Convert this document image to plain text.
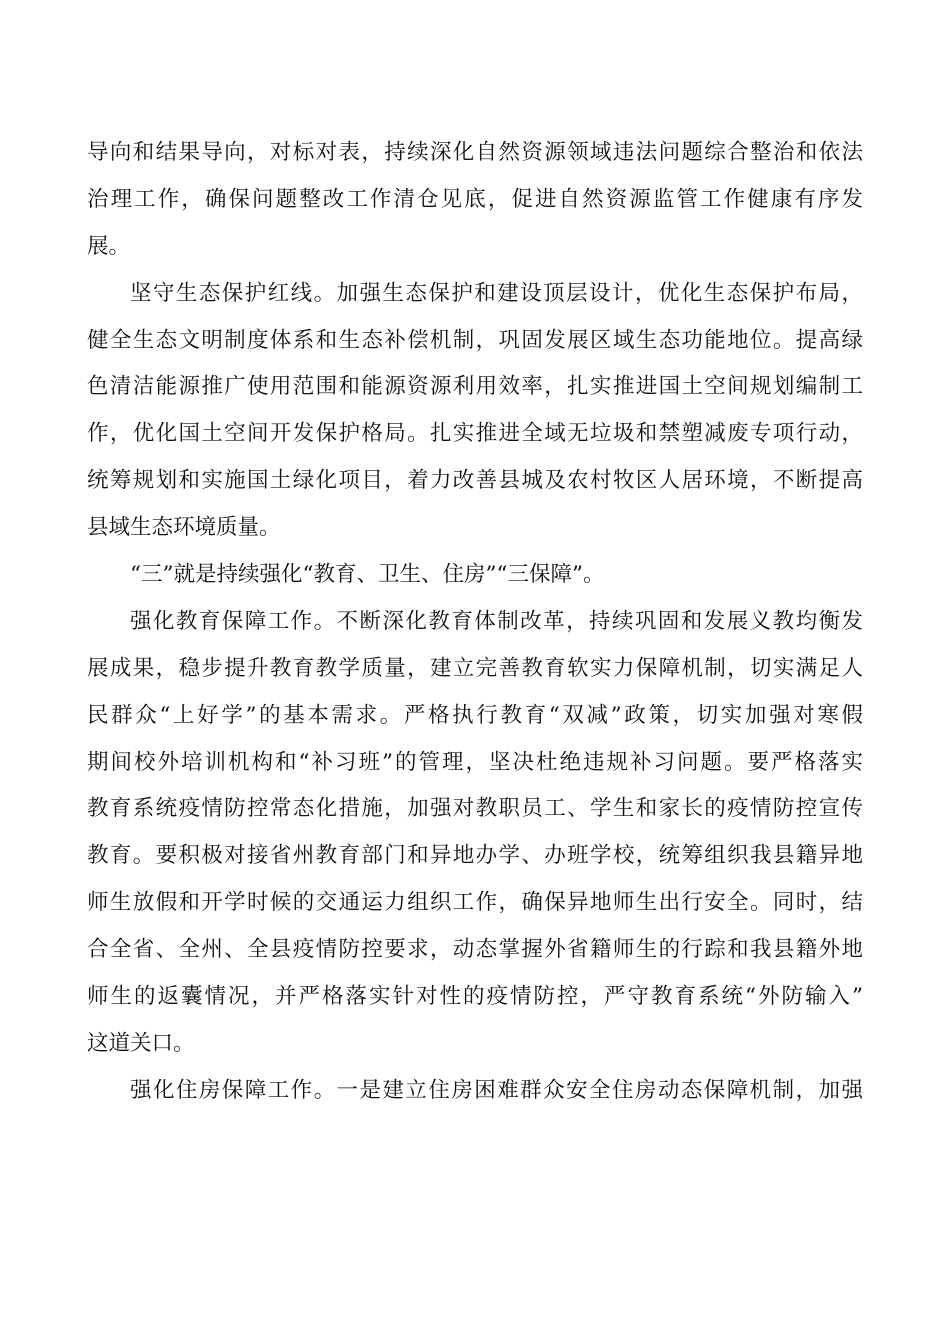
导向和结果导向，对标对表，持续深化自然资源领域违法问题综合整治和依法
治理工作，确保问题整改工作清仓见底，促进自然资源监管工作健康有序发
展。
坚守生态保护红线。加强生态保护和建设顶层设计，优化生态保护布局，
健全生态文明制度体系和生态补偿机制，巩固发展区域生态功能地位。提高绿
色清洁能源推广使用范围和能源资源利用效率，扎实推进国土空间规划编制工
作，优化国土空间开发保护格局。扎实推进全域无垃圾和禁塑减废专项行动，
统筹规划和实施国土绿化项目，着力改善县城及农村牧区人居环境，不断提高
县域生态环境质量。
“三”就是持续强化“教育、卫生、住房”“三保障”。
强化教育保障工作。不断深化教育体制改革，持续巩固和发展义教均衡发
展成果，稳步提升教育教学质量，建立完善教育软实力保障机制，切实满足人
民群众“上好学”的基本需求。严格执行教育“双减”政策，切实加强对寒假
期间校外培训机构和“补习班”的管理，坚决杜绝违规补习问题。要严格落实
教育系统疫情防控常态化措施，加强对教职员工、学生和家长的疫情防控宣传
教育。要积极对接省州教育部门和异地办学、办班学校，统筹组织我县籍异地
师生放假和开学时候的交通运力组织工作，确保异地师生出行安全。同时，结
合全省、全州、全县疫情防控要求，动态掌握外省籍师生的行踪和我县籍外地
师生的返囊情况，并严格落实针对性的疫情防控，严守教育系统“外防输入”
这道关口。
强化住房保障工作。一是建立住房困难群众安全住房动态保障机制，加强
